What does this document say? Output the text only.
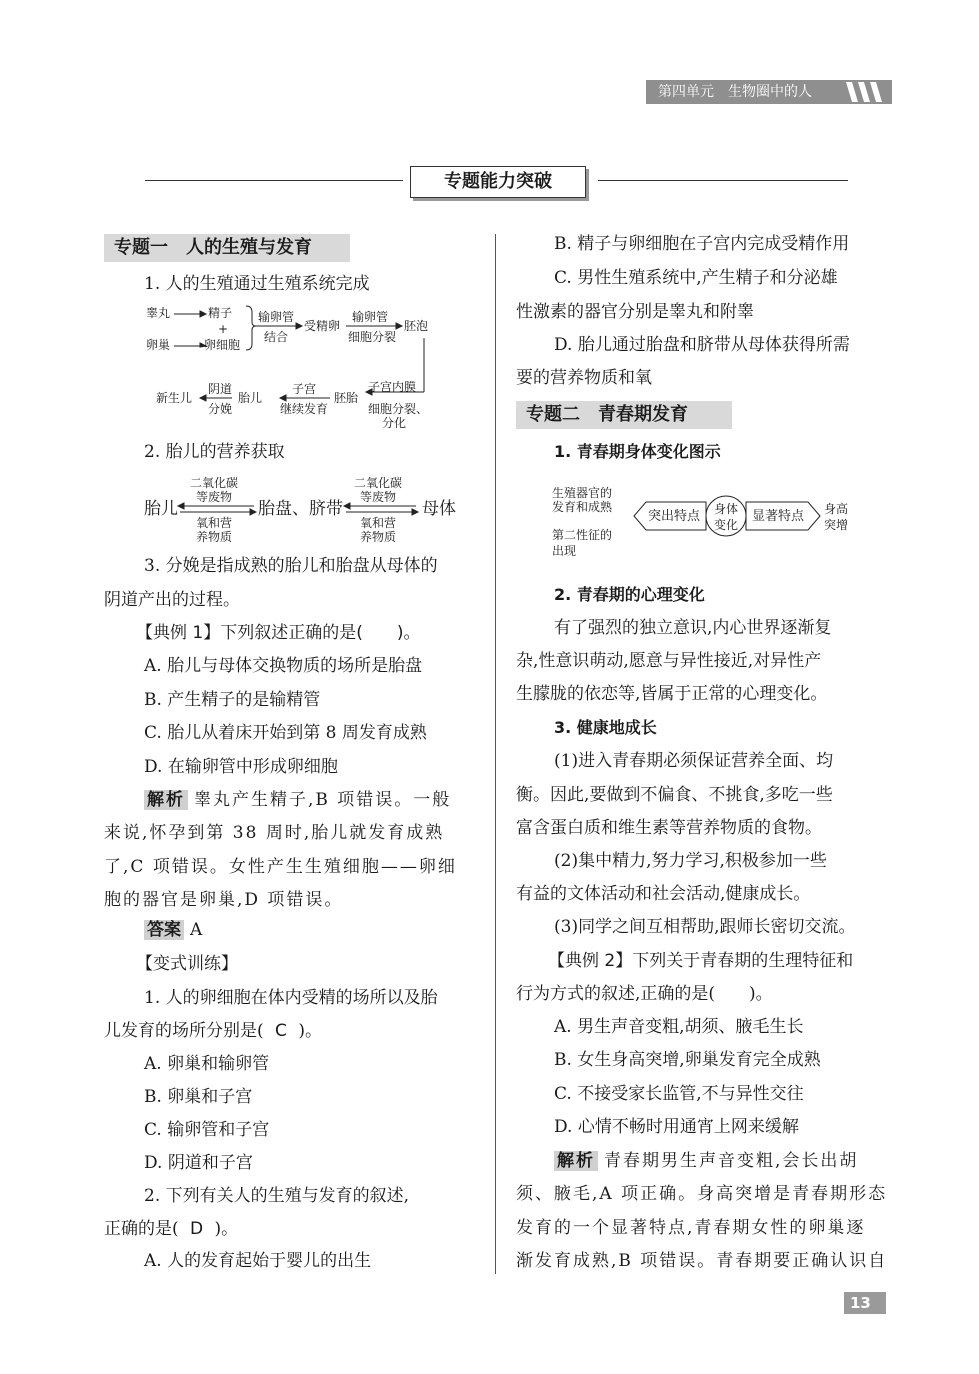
第四单元　生物圈中的人
专题能力突破
专题一　人的生殖与发育
1. 人的生殖通过生殖系统完成
睾丸	精子
+
卵巢	卵细胞
输卵管
结合
受精卵
输卵管
细胞分裂
胚泡
新生儿
阴道
分娩
胎儿
子宫
继续发育
胚胎
子宫内膜
细胞分裂、
分化
2. 胎儿的营养获取
胎儿
二氧化碳
等废物
氧和营
养物质
胎盘、脐带
二氧化碳
等废物
氧和营
养物质
母体
3. 分娩是指成熟的胎儿和胎盘从母体的
阴道产出的过程。
【典例 1】下列叙述正确的是(　　)。
A. 胎儿与母体交换物质的场所是胎盘
B. 产生精子的是输精管
C. 胎儿从着床开始到第 8 周发育成熟
D. 在输卵管中形成卵细胞
解析 睾丸产生精子,B 项错误。一般
来说,怀孕到第 38 周时,胎儿就发育成熟
了,C 项错误。女性产生生殖细胞——卵细
胞的器官是卵巢,D 项错误。
答案 A
【变式训练】
1. 人的卵细胞在体内受精的场所以及胎
儿发育的场所分别是( C )。
A. 卵巢和输卵管
B. 卵巢和子宫
C. 输卵管和子宫
D. 阴道和子宫
2. 下列有关人的生殖与发育的叙述,
正确的是( D )。
A. 人的发育起始于婴儿的出生
B. 精子与卵细胞在子宫内完成受精作用
C. 男性生殖系统中,产生精子和分泌雄
性激素的器官分别是睾丸和附睾
D. 胎儿通过胎盘和脐带从母体获得所需
要的营养物质和氧
专题二　青春期发育
1. 青春期身体变化图示
生殖器官的
发育和成熟
第二性征的
出现
突出特点 身体
变化
显著特点 身高
突增
2. 青春期的心理变化
有了强烈的独立意识,内心世界逐渐复
杂,性意识萌动,愿意与异性接近,对异性产
生朦胧的依恋等,皆属于正常的心理变化。
3. 健康地成长
(1)进入青春期必须保证营养全面、均
衡。因此,要做到不偏食、不挑食,多吃一些
富含蛋白质和维生素等营养物质的食物。
(2)集中精力,努力学习,积极参加一些
有益的文体活动和社会活动,健康成长。
(3)同学之间互相帮助,跟师长密切交流。
【典例 2】下列关于青春期的生理特征和
行为方式的叙述,正确的是(　　)。
A. 男生声音变粗,胡须、腋毛生长
B. 女生身高突增,卵巢发育完全成熟
C. 不接受家长监管,不与异性交往
D. 心情不畅时用通宵上网来缓解
解析 青春期男生声音变粗,会长出胡
须、腋毛,A 项正确。身高突增是青春期形态
发育的一个显著特点,青春期女性的卵巢逐
渐发育成熟,B 项错误。青春期要正确认识自
13
